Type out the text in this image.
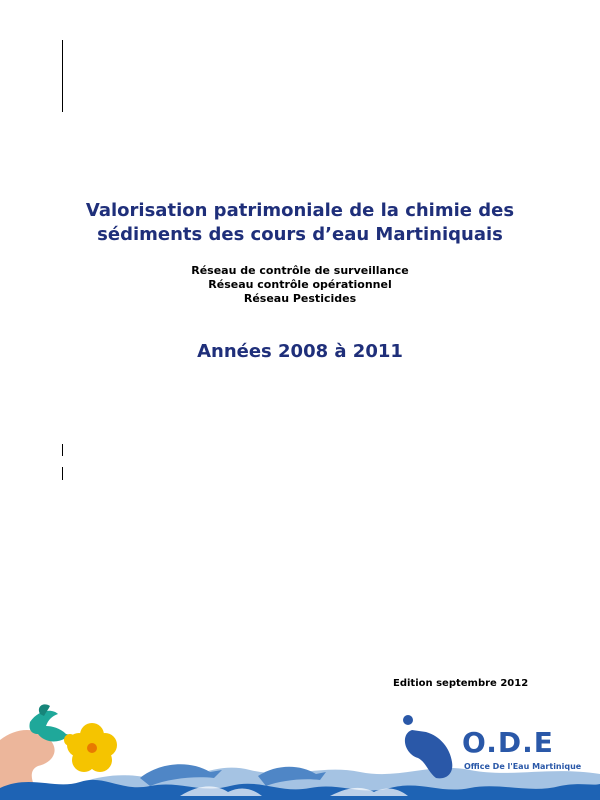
Valorisation patrimoniale de la chimie des
sédiments des cours d’eau Martiniquais
Réseau de contrôle de surveillance
Réseau contrôle opérationnel
Réseau Pesticides
Années 2008 à 2011
Edition septembre 2012
O.D.E
Office De l'Eau Martinique
